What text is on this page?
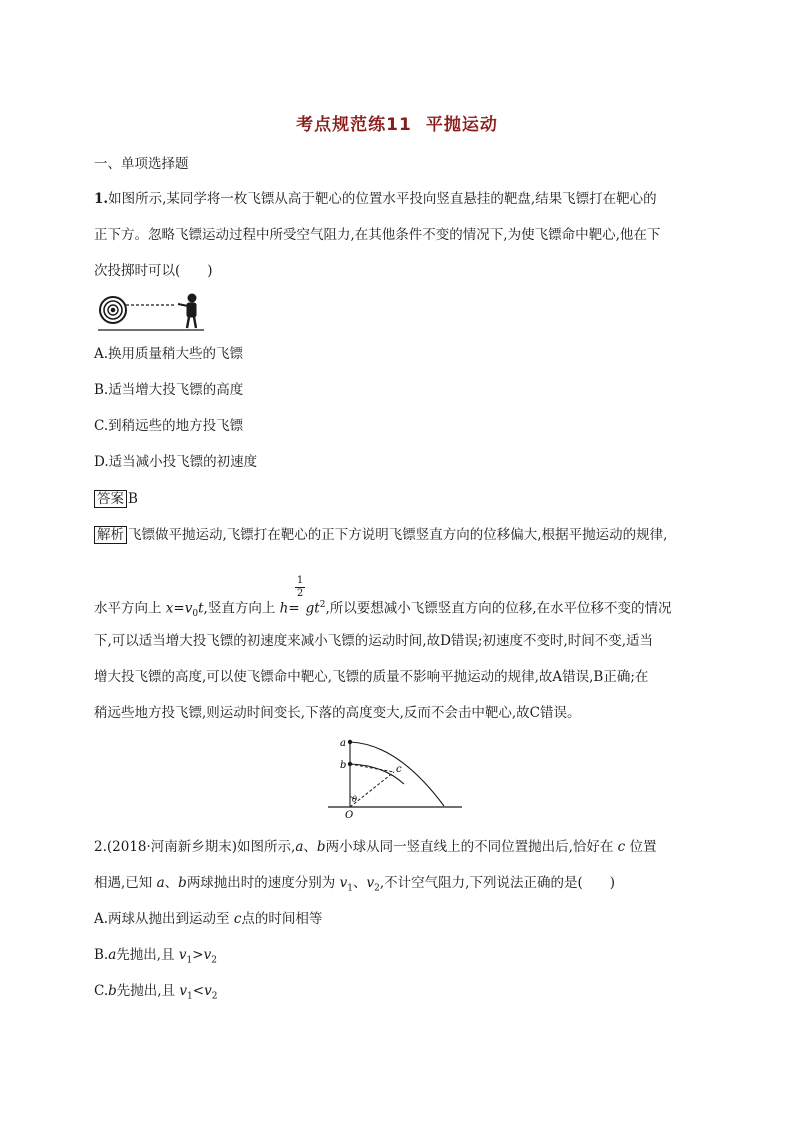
考点规范练11 平抛运动
一、单项选择题
1.如图所示,某同学将一枚飞镖从高于靶心的位置水平投向竖直悬挂的靶盘,结果飞镖打在靶心的
正下方。忽略飞镖运动过程中所受空气阻力,在其他条件不变的情况下,为使飞镖命中靶心,他在下
次投掷时可以(　　)
A.换用质量稍大些的飞镖
B.适当增大投飞镖的高度
C.到稍远些的地方投飞镖
D.适当减小投飞镖的初速度
答案 B
解析 飞镖做平抛运动,飞镖打在靶心的正下方说明飞镖竖直方向的位移偏大,根据平抛运动的规律,
1
2
水平方向上 $x=v_0t$,竖直方向上 $h= gt^2$,所以要想减小飞镖竖直方向的位移,在水平位移不变的情况
下,可以适当增大投飞镖的初速度来减小飞镖的运动时间,故D错误;初速度不变时,时间不变,适当
增大投飞镖的高度,可以使飞镖命中靶心,飞镖的质量不影响平抛运动的规律,故A错误,B正确;在
稍远些地方投飞镖,则运动时间变长,下落的高度变大,反而不会击中靶心,故C错误。
a
b	c
θ
O
2.(2018·河南新乡期末)如图所示,a、b两小球从同一竖直线上的不同位置抛出后,恰好在 c 位置
相遇,已知 a、b两球抛出时的速度分别为 $v_1$、$v_2$,不计空气阻力,下列说法正确的是(　　)
A.两球从抛出到运动至 c点的时间相等
B.a先抛出,且 $v_1>v_2$
C.b先抛出,且 $v_1<v_2$
